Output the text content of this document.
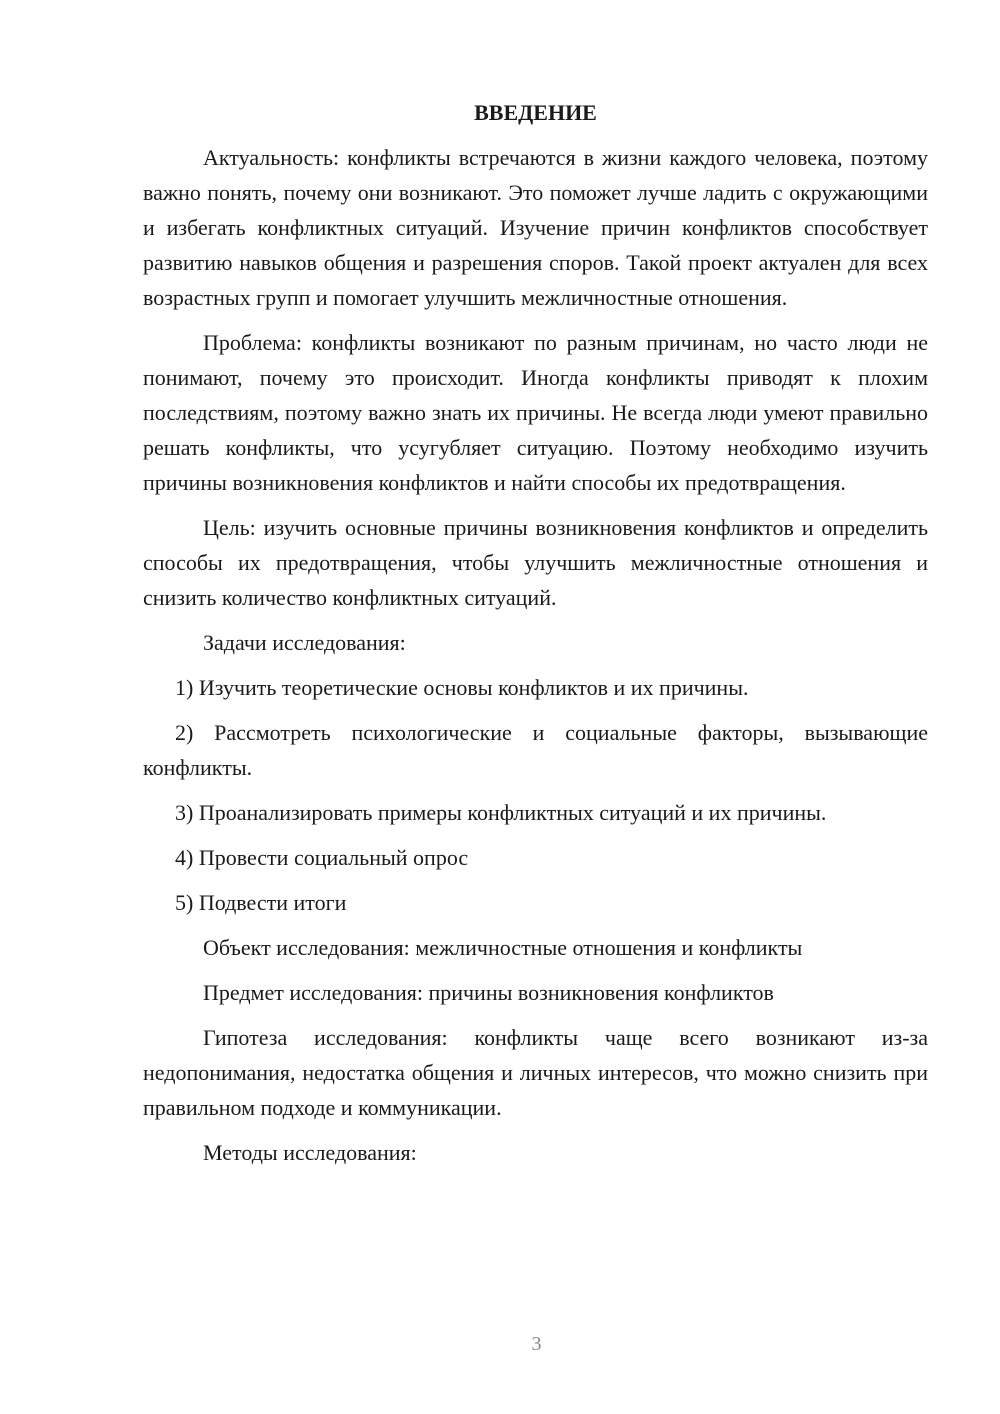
ВВЕДЕНИЕ

Актуальность: конфликты встречаются в жизни каждого человека, поэтому важно понять, почему они возникают. Это поможет лучше ладить с окружающими и избегать конфликтных ситуаций. Изучение причин конфликтов способствует развитию навыков общения и разрешения споров. Такой проект актуален для всех возрастных групп и помогает улучшить межличностные отношения.

Проблема: конфликты возникают по разным причинам, но часто люди не понимают, почему это происходит. Иногда конфликты приводят к плохим последствиям, поэтому важно знать их причины. Не всегда люди умеют правильно решать конфликты, что усугубляет ситуацию. Поэтому необходимо изучить причины возникновения конфликтов и найти способы их предотвращения.

Цель: изучить основные причины возникновения конфликтов и определить способы их предотвращения, чтобы улучшить межличностные отношения и снизить количество конфликтных ситуаций.

Задачи исследования:

1) Изучить теоретические основы конфликтов и их причины.

2) Рассмотреть психологические и социальные факторы, вызывающие конфликты.

3) Проанализировать примеры конфликтных ситуаций и их причины.

4) Провести социальный опрос

5) Подвести итоги

Объект исследования: межличностные отношения и конфликты

Предмет исследования: причины возникновения конфликтов

Гипотеза исследования: конфликты чаще всего возникают из-за недопонимания, недостатка общения и личных интересов, что можно снизить при правильном подходе и коммуникации.

Методы исследования:

3
